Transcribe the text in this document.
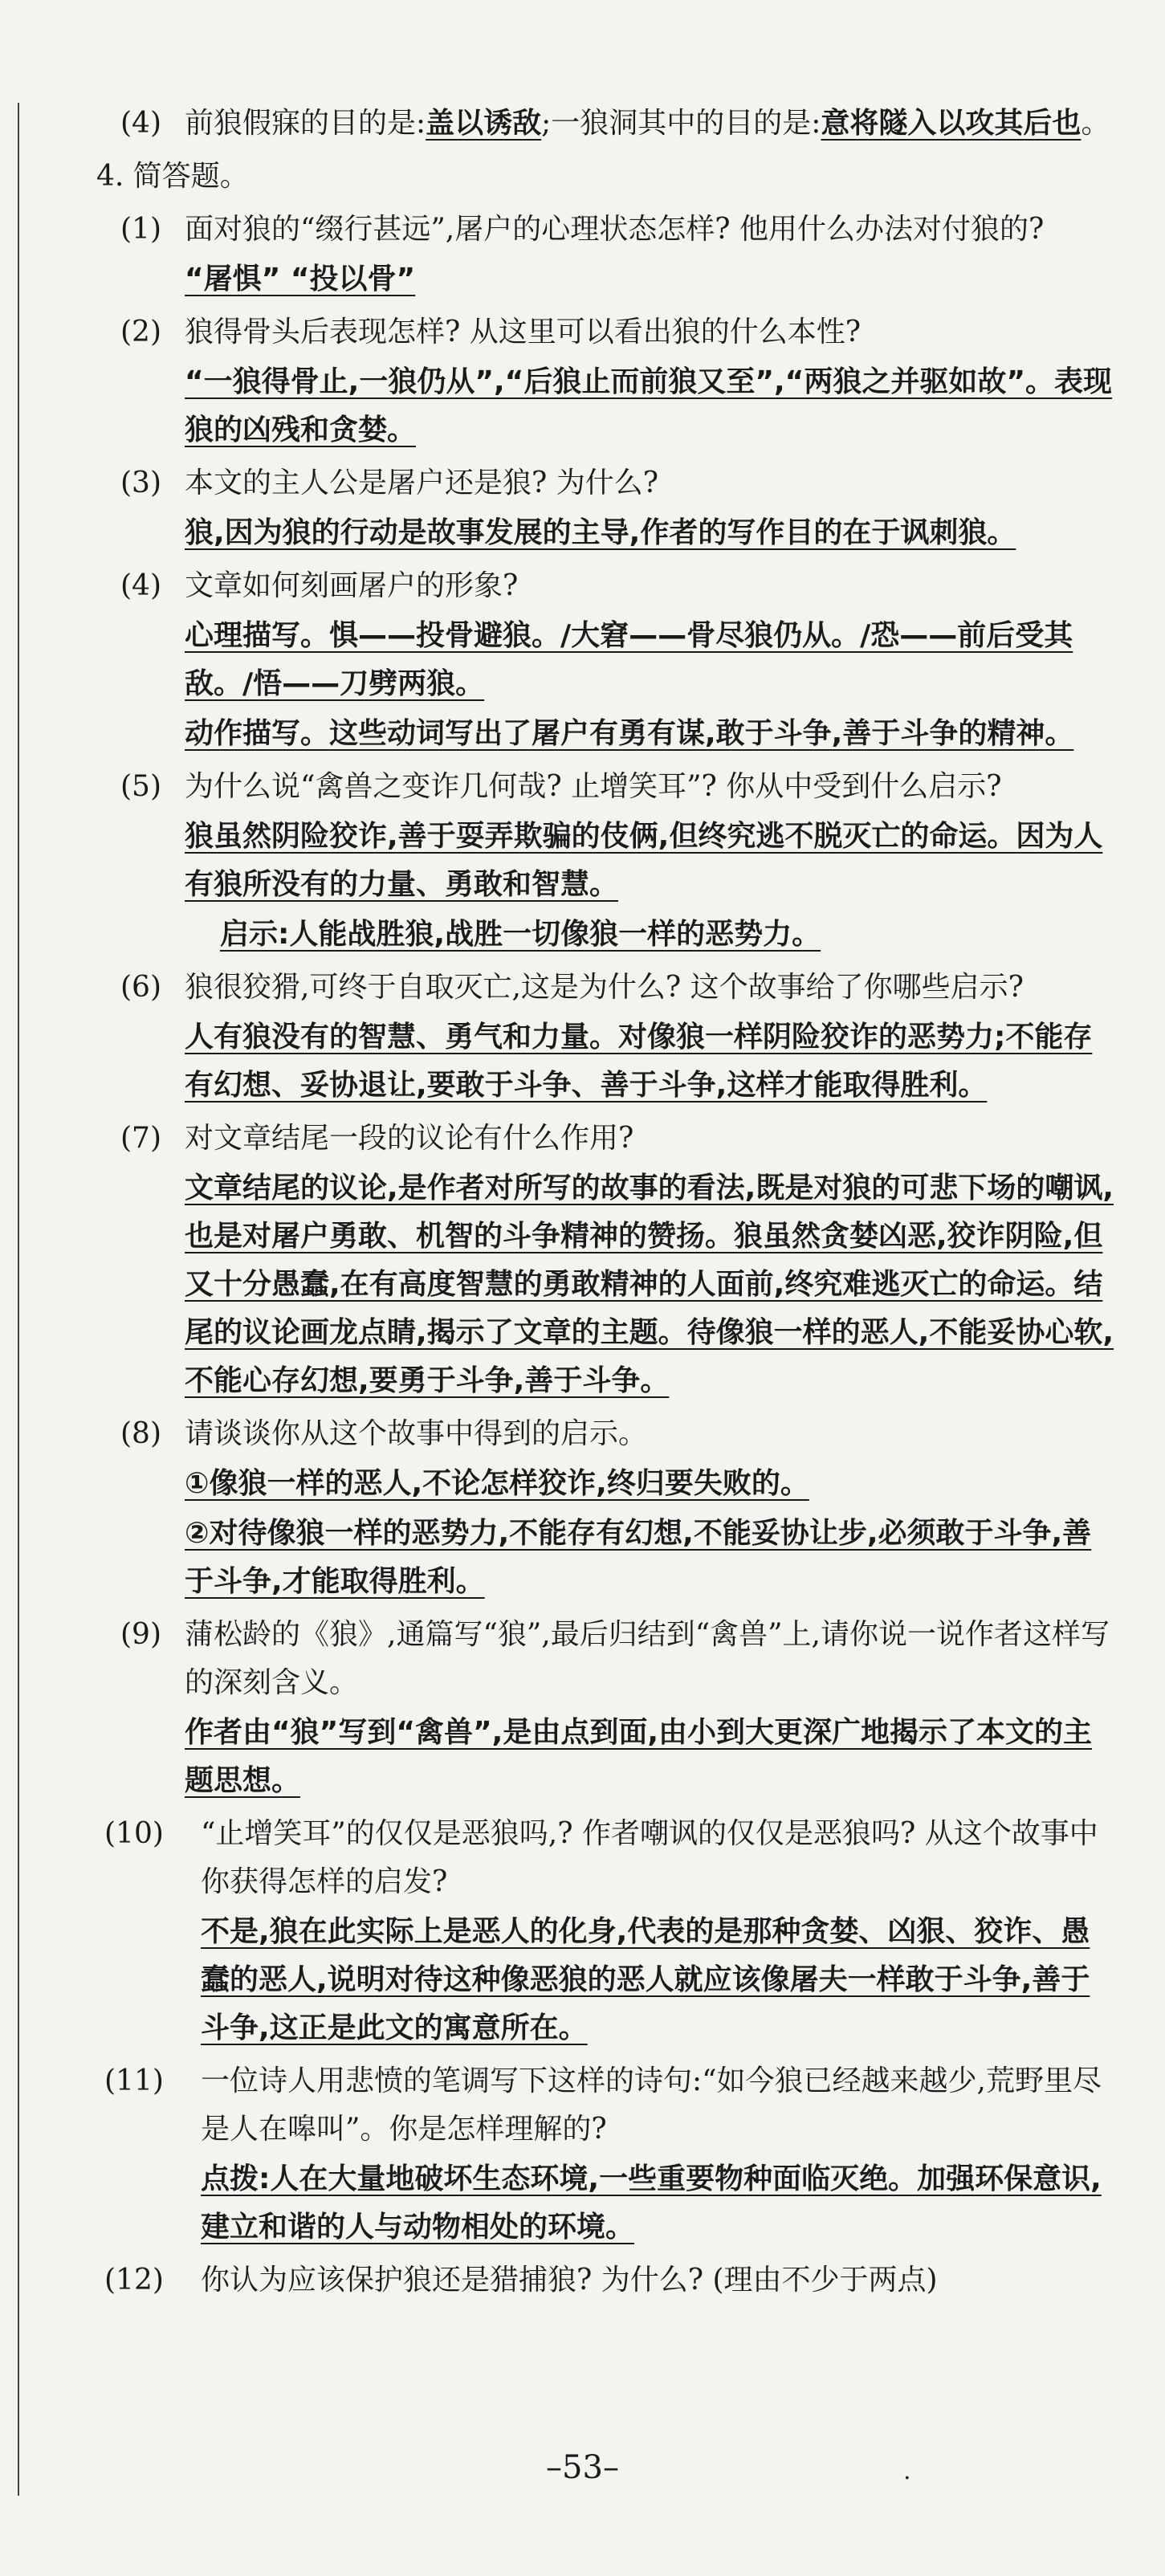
(4) 前狼假寐的目的是:盖以诱敌;一狼洞其中的目的是:意将隧入以攻其后也。
4. 简答题。
(1) 面对狼的“缀行甚远”,屠户的心理状态怎样? 他用什么办法对付狼的?
“屠惧” “投以骨”
(2) 狼得骨头后表现怎样? 从这里可以看出狼的什么本性?
“一狼得骨止,一狼仍从”,“后狼止而前狼又至”,“两狼之并驱如故”。表现狼的凶残和贪婪。
(3) 本文的主人公是屠户还是狼? 为什么?
狼,因为狼的行动是故事发展的主导,作者的写作目的在于讽刺狼。
(4) 文章如何刻画屠户的形象?
心理描写。惧——投骨避狼。/大窘——骨尽狼仍从。/恐——前后受其敌。/悟——刀劈两狼。
动作描写。这些动词写出了屠户有勇有谋,敢于斗争,善于斗争的精神。
(5) 为什么说“禽兽之变诈几何哉? 止增笑耳”? 你从中受到什么启示?
狼虽然阴险狡诈,善于耍弄欺骗的伎俩,但终究逃不脱灭亡的命运。因为人有狼所没有的力量、勇敢和智慧。
启示:人能战胜狼,战胜一切像狼一样的恶势力。
(6) 狼很狡猾,可终于自取灭亡,这是为什么? 这个故事给了你哪些启示?
人有狼没有的智慧、勇气和力量。对像狼一样阴险狡诈的恶势力;不能存有幻想、妥协退让,要敢于斗争、善于斗争,这样才能取得胜利。
(7) 对文章结尾一段的议论有什么作用?
文章结尾的议论,是作者对所写的故事的看法,既是对狼的可悲下场的嘲讽,也是对屠户勇敢、机智的斗争精神的赞扬。狼虽然贪婪凶恶,狡诈阴险,但又十分愚蠢,在有高度智慧的勇敢精神的人面前,终究难逃灭亡的命运。结尾的议论画龙点睛,揭示了文章的主题。待像狼一样的恶人,不能妥协心软,不能心存幻想,要勇于斗争,善于斗争。
(8) 请谈谈你从这个故事中得到的启示。
①像狼一样的恶人,不论怎样狡诈,终归要失败的。
②对待像狼一样的恶势力,不能存有幻想,不能妥协让步,必须敢于斗争,善于斗争,才能取得胜利。
(9) 蒲松龄的《狼》,通篇写“狼”,最后归结到“禽兽”上,请你说一说作者这样写的深刻含义。
作者由“狼”写到“禽兽”,是由点到面,由小到大更深广地揭示了本文的主题思想。
(10) “止增笑耳”的仅仅是恶狼吗,? 作者嘲讽的仅仅是恶狼吗? 从这个故事中你获得怎样的启发?
不是,狼在此实际上是恶人的化身,代表的是那种贪婪、凶狠、狡诈、愚蠢的恶人,说明对待这种像恶狼的恶人就应该像屠夫一样敢于斗争,善于斗争,这正是此文的寓意所在。
(11) 一位诗人用悲愤的笔调写下这样的诗句:“如今狼已经越来越少,荒野里尽是人在嗥叫”。你是怎样理解的?
点拨:人在大量地破坏生态环境,一些重要物种面临灭绝。加强环保意识,建立和谐的人与动物相处的环境。
(12) 你认为应该保护狼还是猎捕狼? 为什么? (理由不少于两点)
–53–	.
